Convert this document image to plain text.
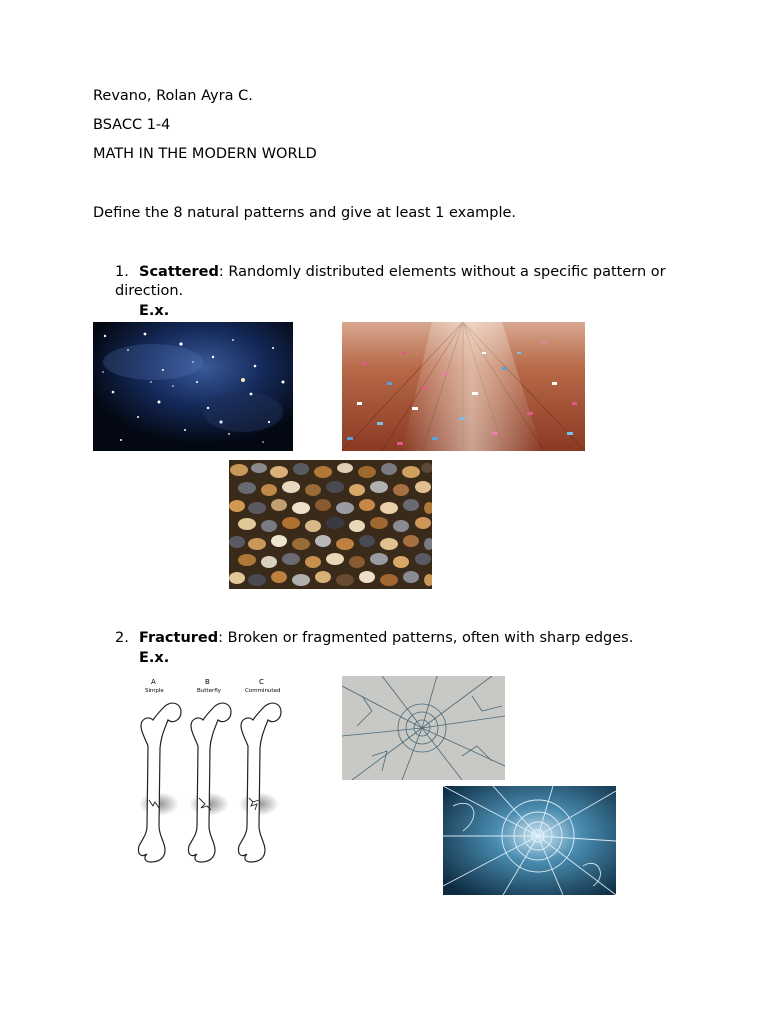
Revano, Rolan Ayra C.
BSACC 1-4
MATH IN THE MODERN WORLD
Define the 8 natural patterns and give at least 1 example.
1. Scattered: Randomly distributed elements without a specific pattern or direction.
E.x.
2. Fractured: Broken or fragmented patterns, often with sharp edges.
E.x.
A	B	C
Simple	Butterfly	Comminuted
